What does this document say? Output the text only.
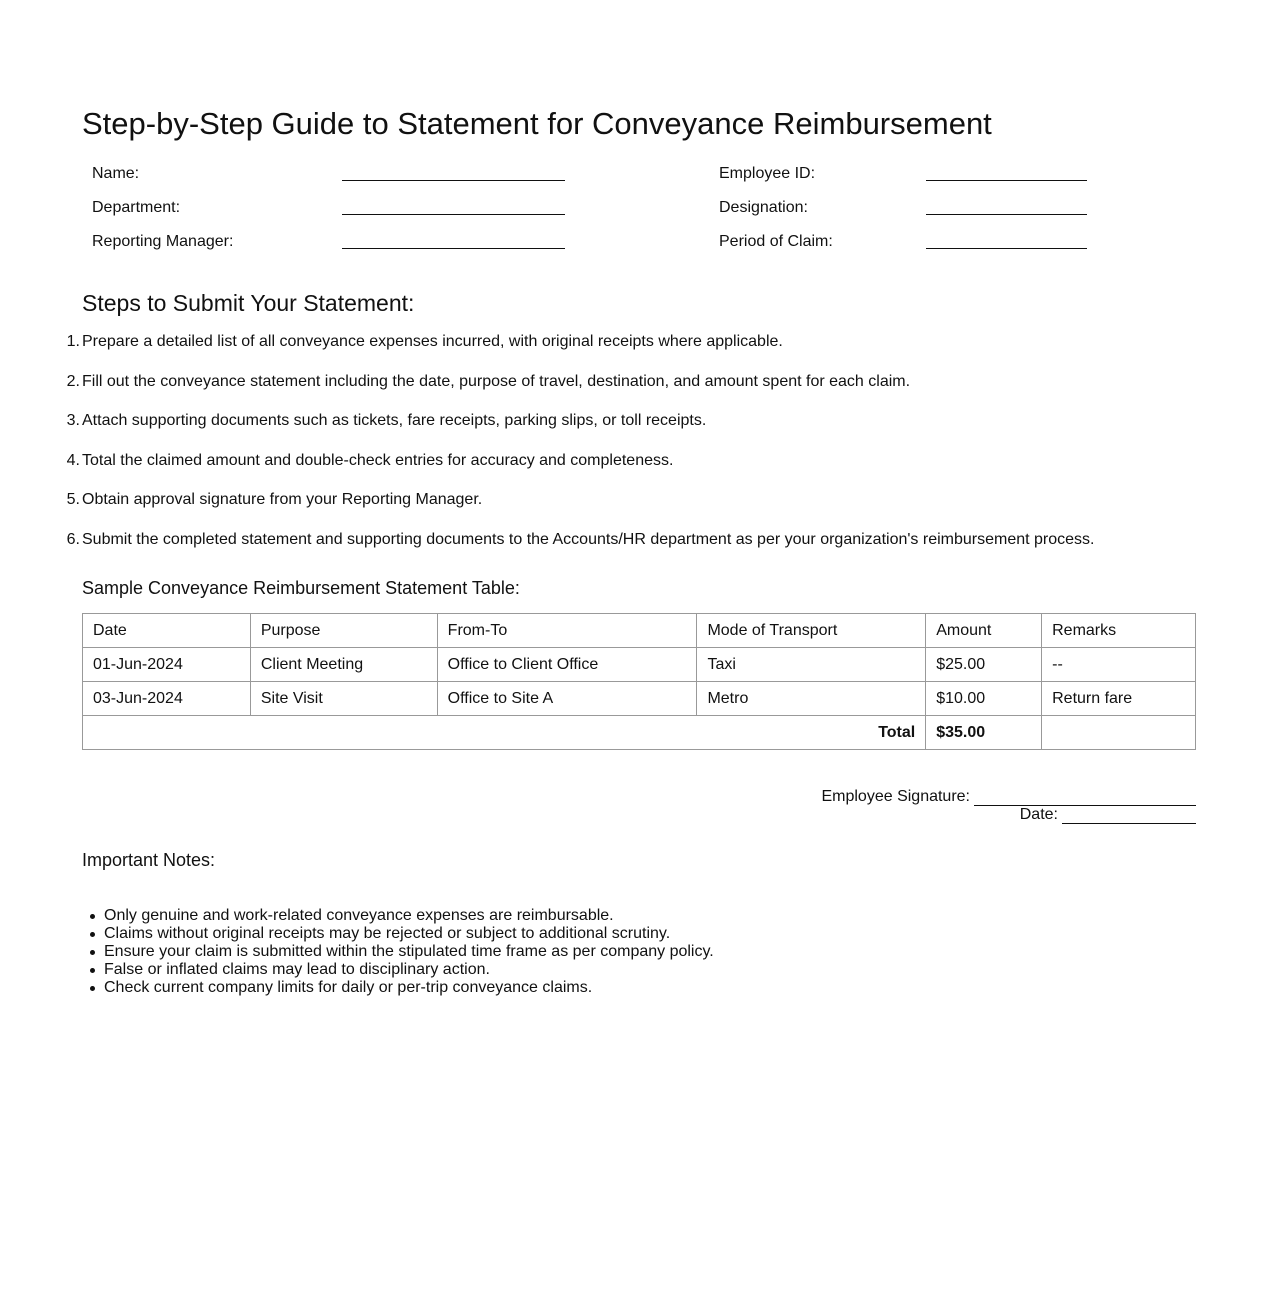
Step-by-Step Guide to Statement for Conveyance Reimbursement
Name:	Employee ID:
Department:	Designation:
Reporting Manager:	Period of Claim:
Steps to Submit Your Statement:
1. Prepare a detailed list of all conveyance expenses incurred, with original receipts where applicable.
2. Fill out the conveyance statement including the date, purpose of travel, destination, and amount spent for each claim.
3. Attach supporting documents such as tickets, fare receipts, parking slips, or toll receipts.
4. Total the claimed amount and double-check entries for accuracy and completeness.
5. Obtain approval signature from your Reporting Manager.
6. Submit the completed statement and supporting documents to the Accounts/HR department as per your organization's reimbursement process.
Sample Conveyance Reimbursement Statement Table:
Date	Purpose	From-To	Mode of Transport	Amount	Remarks
01-Jun-2024	Client Meeting	Office to Client Office	Taxi	$25.00	--
03-Jun-2024	Site Visit	Office to Site A	Metro	$10.00	Return fare
Total				$35.00	
Employee Signature:
Date:
Important Notes:
Only genuine and work-related conveyance expenses are reimbursable.
Claims without original receipts may be rejected or subject to additional scrutiny.
Ensure your claim is submitted within the stipulated time frame as per company policy.
False or inflated claims may lead to disciplinary action.
Check current company limits for daily or per-trip conveyance claims.
